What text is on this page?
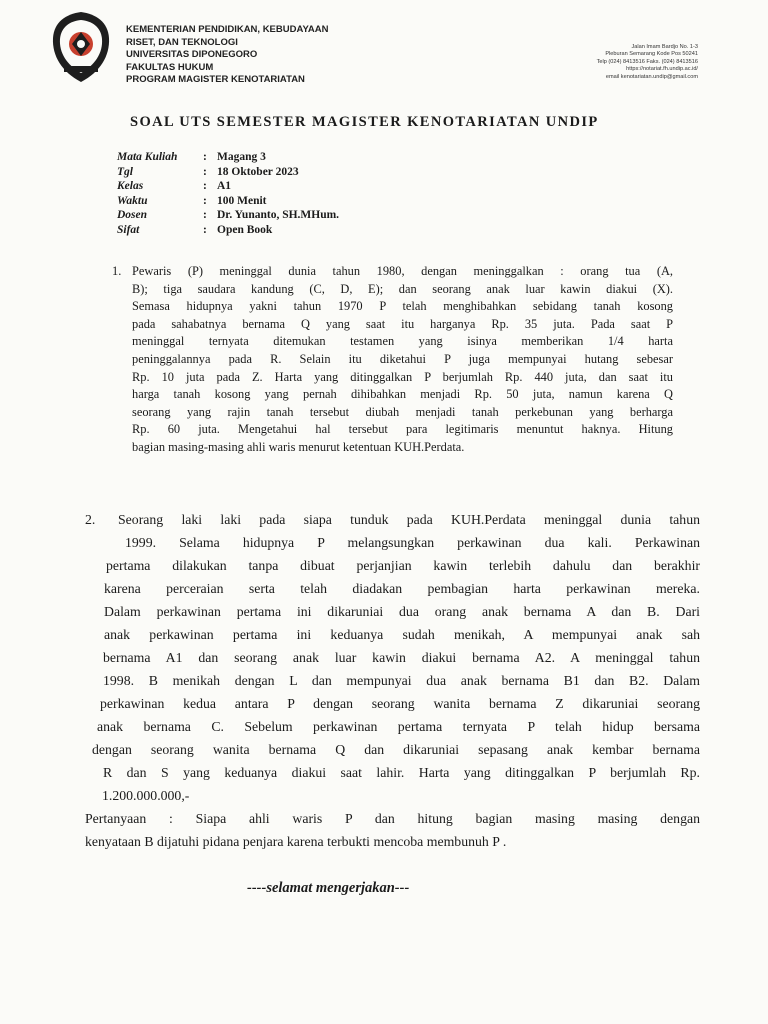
KEMENTERIAN PENDIDIKAN, KEBUDAYAAN
RISET, DAN TEKNOLOGI
UNIVERSITAS DIPONEGORO
FAKULTAS HUKUM
PROGRAM MAGISTER KENOTARIATAN
Jalan Imam Bardjo No. 1-3
Pleburan Semarang Kode Pos 50241
Telp (024) 8413516 Faks. (024) 8413516
https://notariat.fh.undip.ac.id/
email kenotariatan.undip@gmail.com
SOAL UTS SEMESTER MAGISTER KENOTARIATAN UNDIP
Mata Kuliah	: Magang 3
Tgl	: 18 Oktober 2023
Kelas	: A1
Waktu	: 100 Menit
Dosen	: Dr. Yunanto, SH.MHum.
Sifat	: Open Book
1. Pewaris (P) meninggal dunia tahun 1980, dengan meninggalkan : orang tua (A,
B); tiga saudara kandung (C, D, E); dan seorang anak luar kawin diakui (X).
Semasa hidupnya yakni tahun 1970 P telah menghibahkan sebidang tanah kosong
pada sahabatnya bernama Q yang saat itu harganya Rp. 35 juta. Pada saat P
meninggal ternyata ditemukan testamen yang isinya memberikan 1/4 harta
peninggalannya pada R. Selain itu diketahui P juga mempunyai hutang sebesar
Rp. 10 juta pada Z. Harta yang ditinggalkan P berjumlah Rp. 440 juta, dan saat itu
harga tanah kosong yang pernah dihibahkan menjadi Rp. 50 juta, namun karena Q
seorang yang rajin tanah tersebut diubah menjadi tanah perkebunan yang berharga
Rp. 60 juta. Mengetahui hal tersebut para legitimaris menuntut haknya. Hitung
bagian masing-masing ahli waris menurut ketentuan KUH.Perdata.
2. Seorang laki laki pada siapa tunduk pada KUH.Perdata meninggal dunia tahun
1999. Selama hidupnya P melangsungkan perkawinan dua kali. Perkawinan
pertama dilakukan tanpa dibuat perjanjian kawin terlebih dahulu dan berakhir
karena perceraian serta telah diadakan pembagian harta perkawinan mereka.
Dalam perkawinan pertama ini dikaruniai dua orang anak bernama A dan B. Dari
anak perkawinan pertama ini keduanya sudah menikah, A mempunyai anak sah
bernama A1 dan seorang anak luar kawin diakui bernama A2. A meninggal tahun
1998. B menikah dengan L dan mempunyai dua anak bernama B1 dan B2. Dalam
perkawinan kedua antara P dengan seorang wanita bernama Z dikaruniai seorang
anak bernama C. Sebelum perkawinan pertama ternyata P telah hidup bersama
dengan seorang wanita bernama Q dan dikaruniai sepasang anak kembar bernama
R dan S yang keduanya diakui saat lahir. Harta yang ditinggalkan P berjumlah Rp.
1.200.000.000,-
Pertanyaan : Siapa ahli waris P dan hitung bagian masing masing dengan
kenyataan B dijatuhi pidana penjara karena terbukti mencoba membunuh P .
----selamat mengerjakan---
